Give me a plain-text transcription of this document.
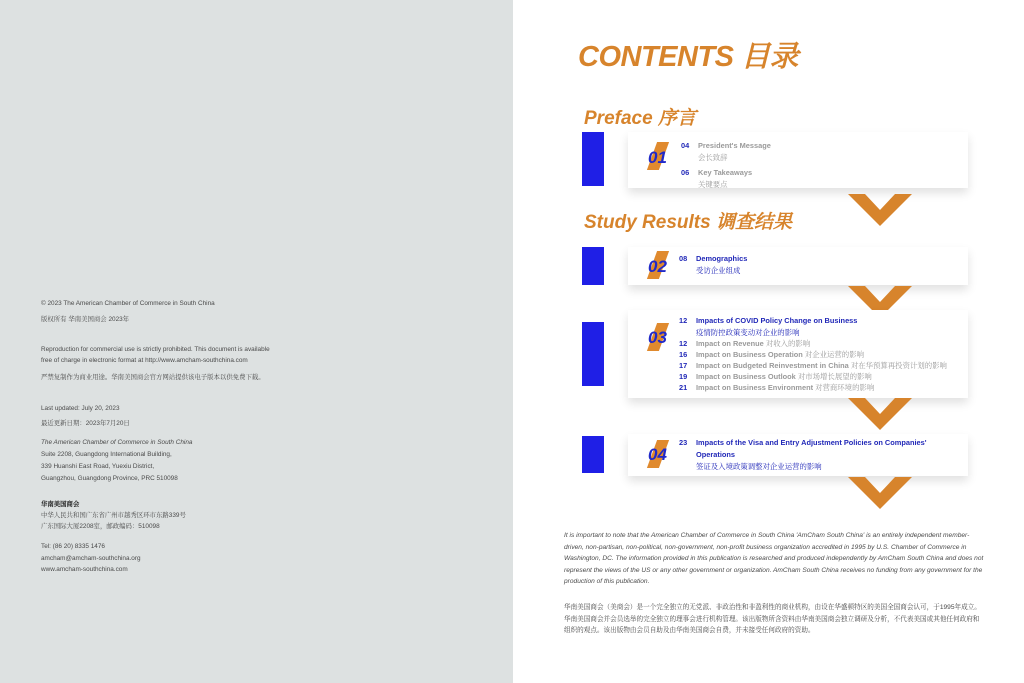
© 2023 The American Chamber of Commerce in South China
版权所有 华南美国商会 2023年
Reproduction for commercial use is strictly prohibited. This document is available
free of charge in electronic format at http://www.amcham-southchina.com
严禁复制作为商业用途。华南美国商会官方网站提供该电子版本以供免费下载。
Last updated: July 20, 2023
最近更新日期：2023年7月20日
The American Chamber of Commerce in South China
Suite 2208, Guangdong International Building,
339 Huanshi East Road, Yuexiu District,
Guangzhou, Guangdong Province, PRC 510098
华南美国商会
中华人民共和国广东省广州市越秀区环市东路339号
广东国际大厦2208室，邮政编码：510098
Tel: (86 20) 8335 1476
amcham@amcham-southchina.org
www.amcham-southchina.com
CONTENTS 目录
Preface 序言
01
04 President's Message
会长致辞
06 Key Takeaways
关键要点
Study Results 调查结果
02 08 Demographics
受访企业组成
03
12 Impacts of COVID Policy Change on Business
疫情防控政策变动对企业的影响
12 Impact on Revenue 对收入的影响
16 Impact on Business Operation 对企业运营的影响
17 Impact on Budgeted Reinvestment in China 对在华预算再投资计划的影响
19 Impact on Business Outlook 对市场增长展望的影响
21 Impact on Business Environment 对营商环境的影响
04
23 Impacts of the Visa and Entry Adjustment Policies on Companies'
Operations
签证及入境政策调整对企业运营的影响
It is important to note that the American Chamber of Commerce in South China 'AmCham South China' is an entirely independent member-driven, non-partisan, non-political, non-government, non-profit business organization accredited in 1995 by U.S. Chamber of Commerce in Washington, DC. The information provided in this publication is researched and produced independently by AmCham South China and does not represent the views of the US or any other government or organization. AmCham South China receives no funding from any government for the production of this publication.
华南美国商会（美商会）是一个完全独立的无党派、非政治性和非盈利性的商业机构，由设在华盛顿特区的美国全国商会认可，于1995年成立。华南美国商会并会员选举的完全独立的理事会进行机构管理。该出版物所含资料由华南美国商会独立调研及分析，不代表美国或其他任何政府和组织的观点。该出版物由会员自助及由华南美国商会自费，并未接受任何政府的资助。
